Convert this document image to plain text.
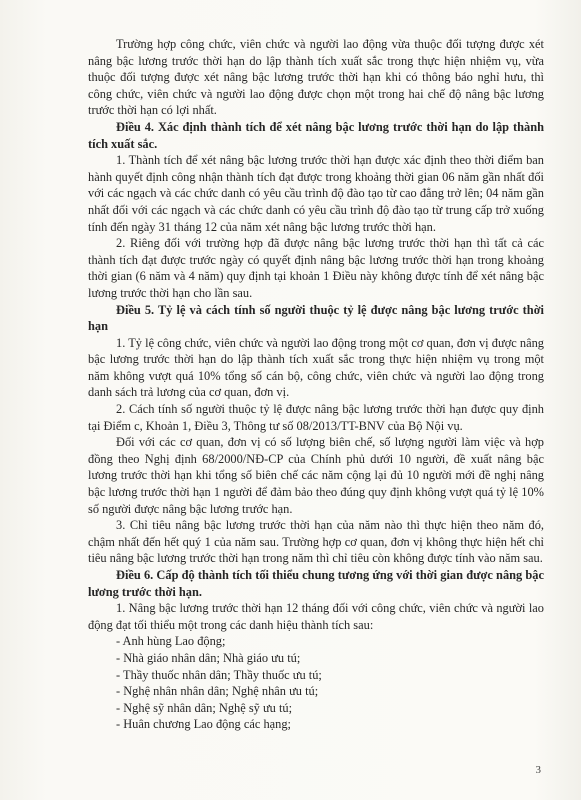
Trường hợp công chức, viên chức và người lao động vừa thuộc đối tượng được xét nâng bậc lương trước thời hạn do lập thành tích xuất sắc trong thực hiện nhiệm vụ, vừa thuộc đối tượng được xét nâng bậc lương trước thời hạn khi có thông báo nghỉ hưu, thì công chức, viên chức và người lao động được chọn một trong hai chế độ nâng bậc lương trước thời hạn có lợi nhất.

Điều 4. Xác định thành tích để xét nâng bậc lương trước thời hạn do lập thành tích xuất sắc.

1. Thành tích để xét nâng bậc lương trước thời hạn được xác định theo thời điểm ban hành quyết định công nhận thành tích đạt được trong khoảng thời gian 06 năm gần nhất đối với các ngạch và các chức danh có yêu cầu trình độ đào tạo từ cao đẳng trở lên; 04 năm gần nhất đối với các ngạch và các chức danh có yêu cầu trình độ đào tạo từ trung cấp trở xuống tính đến ngày 31 tháng 12 của năm xét nâng bậc lương trước thời hạn.

2. Riêng đối với trường hợp đã được nâng bậc lương trước thời hạn thì tất cả các thành tích đạt được trước ngày có quyết định nâng bậc lương trước thời hạn trong khoảng thời gian (6 năm và 4 năm) quy định tại khoản 1 Điều này không được tính để xét nâng bậc lương trước thời hạn cho lần sau.

Điều 5. Tỷ lệ và cách tính số người thuộc tỷ lệ được nâng bậc lương trước thời hạn

1. Tỷ lệ công chức, viên chức và người lao động trong một cơ quan, đơn vị được nâng bậc lương trước thời hạn do lập thành tích xuất sắc trong thực hiện nhiệm vụ trong một năm không vượt quá 10% tổng số cán bộ, công chức, viên chức và người lao động trong danh sách trả lương của cơ quan, đơn vị.

2. Cách tính số người thuộc tỷ lệ được nâng bậc lương trước thời hạn được quy định tại Điểm c, Khoản 1, Điều 3, Thông tư số 08/2013/TT-BNV của Bộ Nội vụ.

Đối với các cơ quan, đơn vị có số lượng biên chế, số lượng người làm việc và hợp đồng theo Nghị định 68/2000/NĐ-CP của Chính phủ dưới 10 người, đề xuất nâng bậc lương trước thời hạn khi tổng số biên chế các năm cộng lại đủ 10 người mới đề nghị nâng bậc lương trước thời hạn 1 người để đảm bảo theo đúng quy định không vượt quá tỷ lệ 10% số người được nâng bậc lương trước hạn.

3. Chỉ tiêu nâng bậc lương trước thời hạn của năm nào thì thực hiện theo năm đó, chậm nhất đến hết quý 1 của năm sau. Trường hợp cơ quan, đơn vị không thực hiện hết chỉ tiêu nâng bậc lương trước thời hạn trong năm thì chỉ tiêu còn không được tính vào năm sau.

Điều 6. Cấp độ thành tích tối thiểu chung tương ứng với thời gian được nâng bậc lương trước thời hạn.

1. Nâng bậc lương trước thời hạn 12 tháng đối với công chức, viên chức và người lao động đạt tối thiểu một trong các danh hiệu thành tích sau:

- Anh hùng Lao động;

- Nhà giáo nhân dân; Nhà giáo ưu tú;

- Thầy thuốc nhân dân; Thầy thuốc ưu tú;

- Nghệ nhân nhân dân; Nghệ nhân ưu tú;

- Nghệ sỹ nhân dân; Nghệ sỹ ưu tú;

- Huân chương Lao động các hạng;

3
